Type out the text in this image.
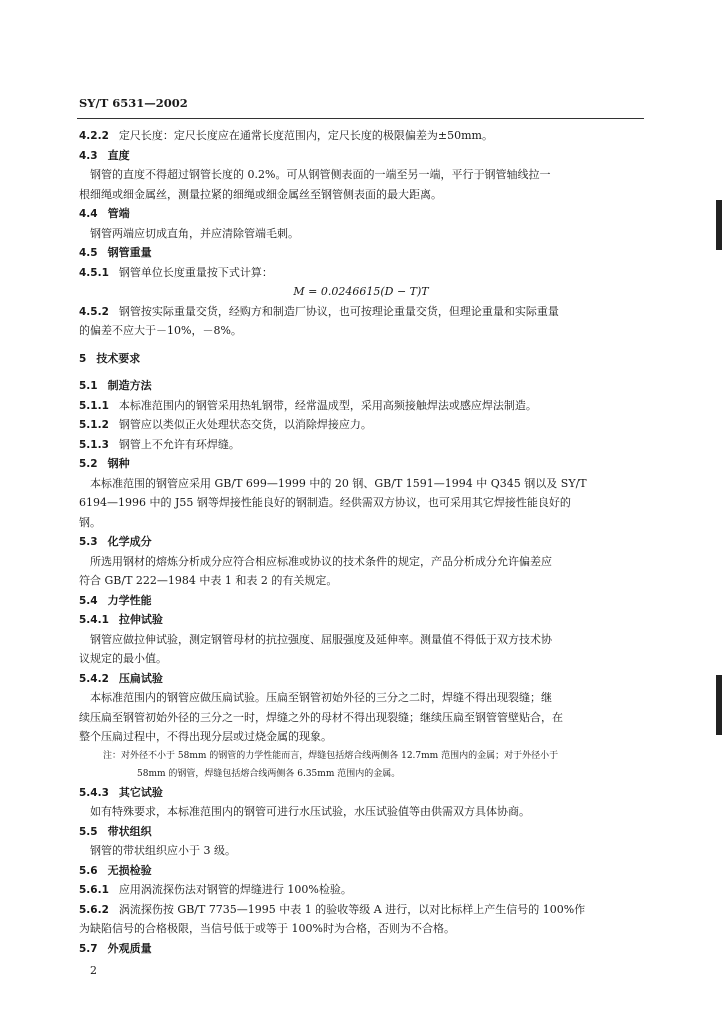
SY/T 6531—2002
4.2.2 定尺长度：定尺长度应在通常长度范围内，定尺长度的极限偏差为±50mm。
4.3 直度
钢管的直度不得超过钢管长度的 0.2%。可从钢管侧表面的一端至另一端，平行于钢管轴线拉一
根细绳或细金属丝，测量拉紧的细绳或细金属丝至钢管侧表面的最大距离。
4.4 管端
钢管两端应切成直角，并应清除管端毛刺。
4.5 钢管重量
4.5.1 钢管单位长度重量按下式计算：
M = 0.0246615(D − T)T
4.5.2 钢管按实际重量交货，经购方和制造厂协议，也可按理论重量交货，但理论重量和实际重量
的偏差不应大于－10%，－8%。
5 技术要求
5.1 制造方法
5.1.1 本标准范围内的钢管采用热轧钢带，经常温成型，采用高频接触焊法或感应焊法制造。
5.1.2 钢管应以类似正火处理状态交货，以消除焊接应力。
5.1.3 钢管上不允许有环焊缝。
5.2 钢种
本标准范围的钢管应采用 GB/T 699—1999 中的 20 钢、GB/T 1591—1994 中 Q345 钢以及 SY/T
6194—1996 中的 J55 钢等焊接性能良好的钢制造。经供需双方协议，也可采用其它焊接性能良好的
钢。
5.3 化学成分
所选用钢材的熔炼分析成分应符合相应标准或协议的技术条件的规定，产品分析成分允许偏差应
符合 GB/T 222—1984 中表 1 和表 2 的有关规定。
5.4 力学性能
5.4.1 拉伸试验
钢管应做拉伸试验，测定钢管母材的抗拉强度、屈服强度及延伸率。测量值不得低于双方技术协
议规定的最小值。
5.4.2 压扁试验
本标准范围内的钢管应做压扁试验。压扁至钢管初始外径的三分之二时，焊缝不得出现裂缝；继
续压扁至钢管初始外径的三分之一时，焊缝之外的母材不得出现裂缝；继续压扁至钢管管壁贴合，在
整个压扁过程中，不得出现分层或过烧金属的现象。
注：对外径不小于 58mm 的钢管的力学性能而言，焊缝包括熔合线两侧各 12.7mm 范围内的金属；对于外径小于
58mm 的钢管，焊缝包括熔合线两侧各 6.35mm 范围内的金属。
5.4.3 其它试验
如有特殊要求，本标准范围内的钢管可进行水压试验，水压试验值等由供需双方具体协商。
5.5 带状组织
钢管的带状组织应小于 3 级。
5.6 无损检验
5.6.1 应用涡流探伤法对钢管的焊缝进行 100%检验。
5.6.2 涡流探伤按 GB/T 7735—1995 中表 1 的验收等级 A 进行，以对比标样上产生信号的 100%作
为缺陷信号的合格极限，当信号低于或等于 100%时为合格，否则为不合格。
5.7 外观质量
2
